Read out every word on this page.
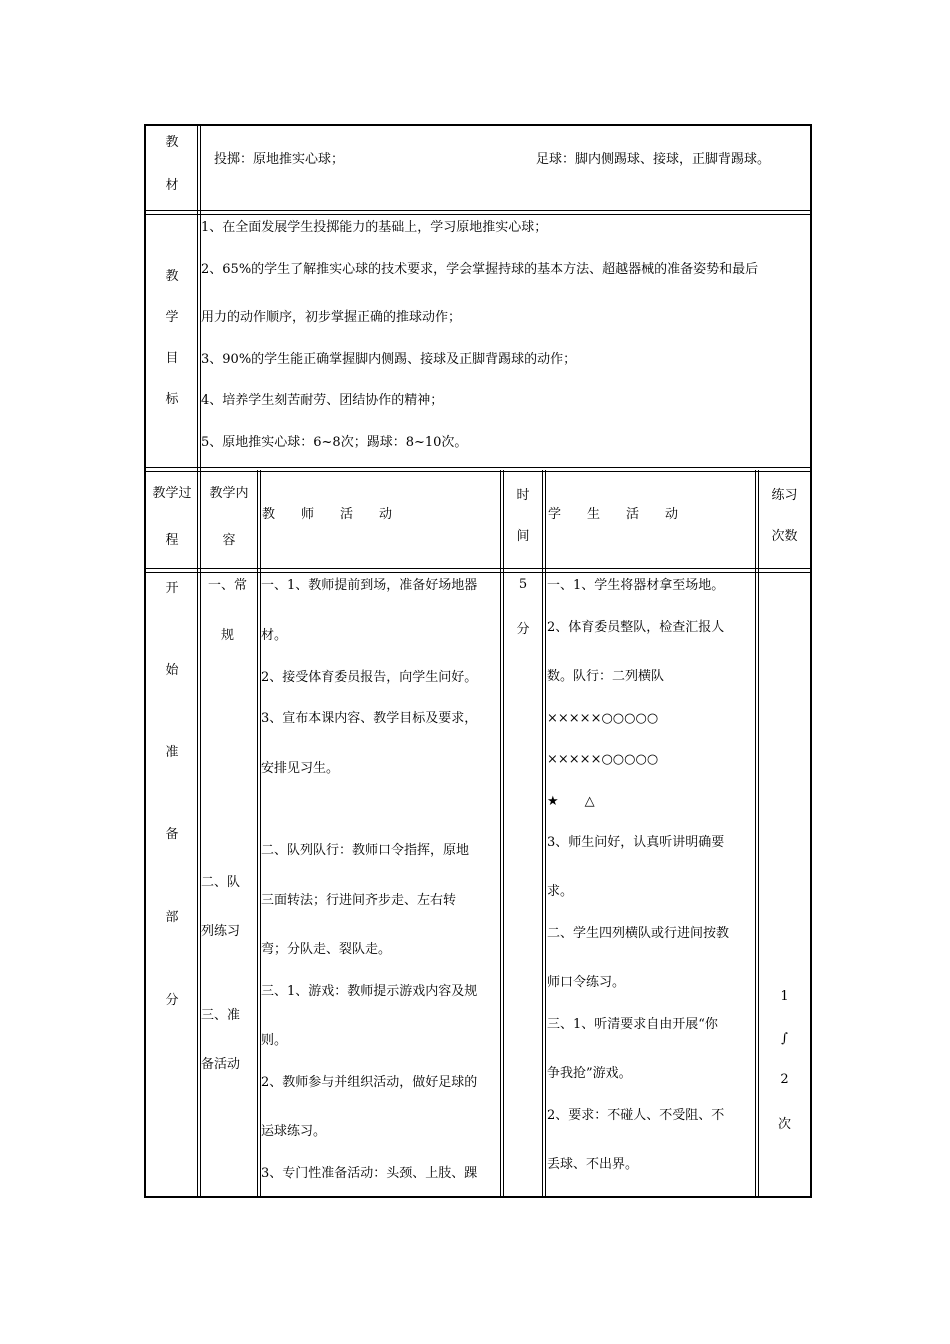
教
材
投掷：原地推实心球；	足球：脚内侧踢球、接球，正脚背踢球。
教
学
目
标
1、在全面发展学生投掷能力的基础上，学习原地推实心球；
2、65%的学生了解推实心球的技术要求，学会掌握持球的基本方法、超越器械的准备姿势和最后
用力的动作顺序，初步掌握正确的推球动作；
3、90%的学生能正确掌握脚内侧踢、接球及正脚背踢球的动作；
4、培养学生刻苦耐劳、团结协作的精神；
5、原地推实心球：6~8次；踢球：8~10次。
教学过
程
教学内
容
教　　师　　活　　动
时
间
学　　生　　活　　动
练习
次数
开
始
准
备
部
分
一、常
规
二、队
列练习
三、准
备活动
一、1、教师提前到场，准备好场地器
材。
2、接受体育委员报告，向学生问好。
3、宣布本课内容、教学目标及要求，
安排见习生。
二、队列队行：教师口令指挥，原地
三面转法；行进间齐步走、左右转
弯；分队走、裂队走。
三、1、游戏：教师提示游戏内容及规
则。
2、教师参与并组织活动，做好足球的
运球练习。
3、专门性准备活动：头颈、上肢、踝
5
分
一、1、学生将器材拿至场地。
2、体育委员整队，检查汇报人
数。队行：二列横队
×××××○○○○○
×××××○○○○○
★　　△
3、师生问好，认真听讲明确要
求。
二、学生四列横队或行进间按教
师口令练习。
三、1、听清要求自由开展“你
争我抢”游戏。
2、要求：不碰人、不受阻、不
丢球、不出界。
1
∫
2
次
